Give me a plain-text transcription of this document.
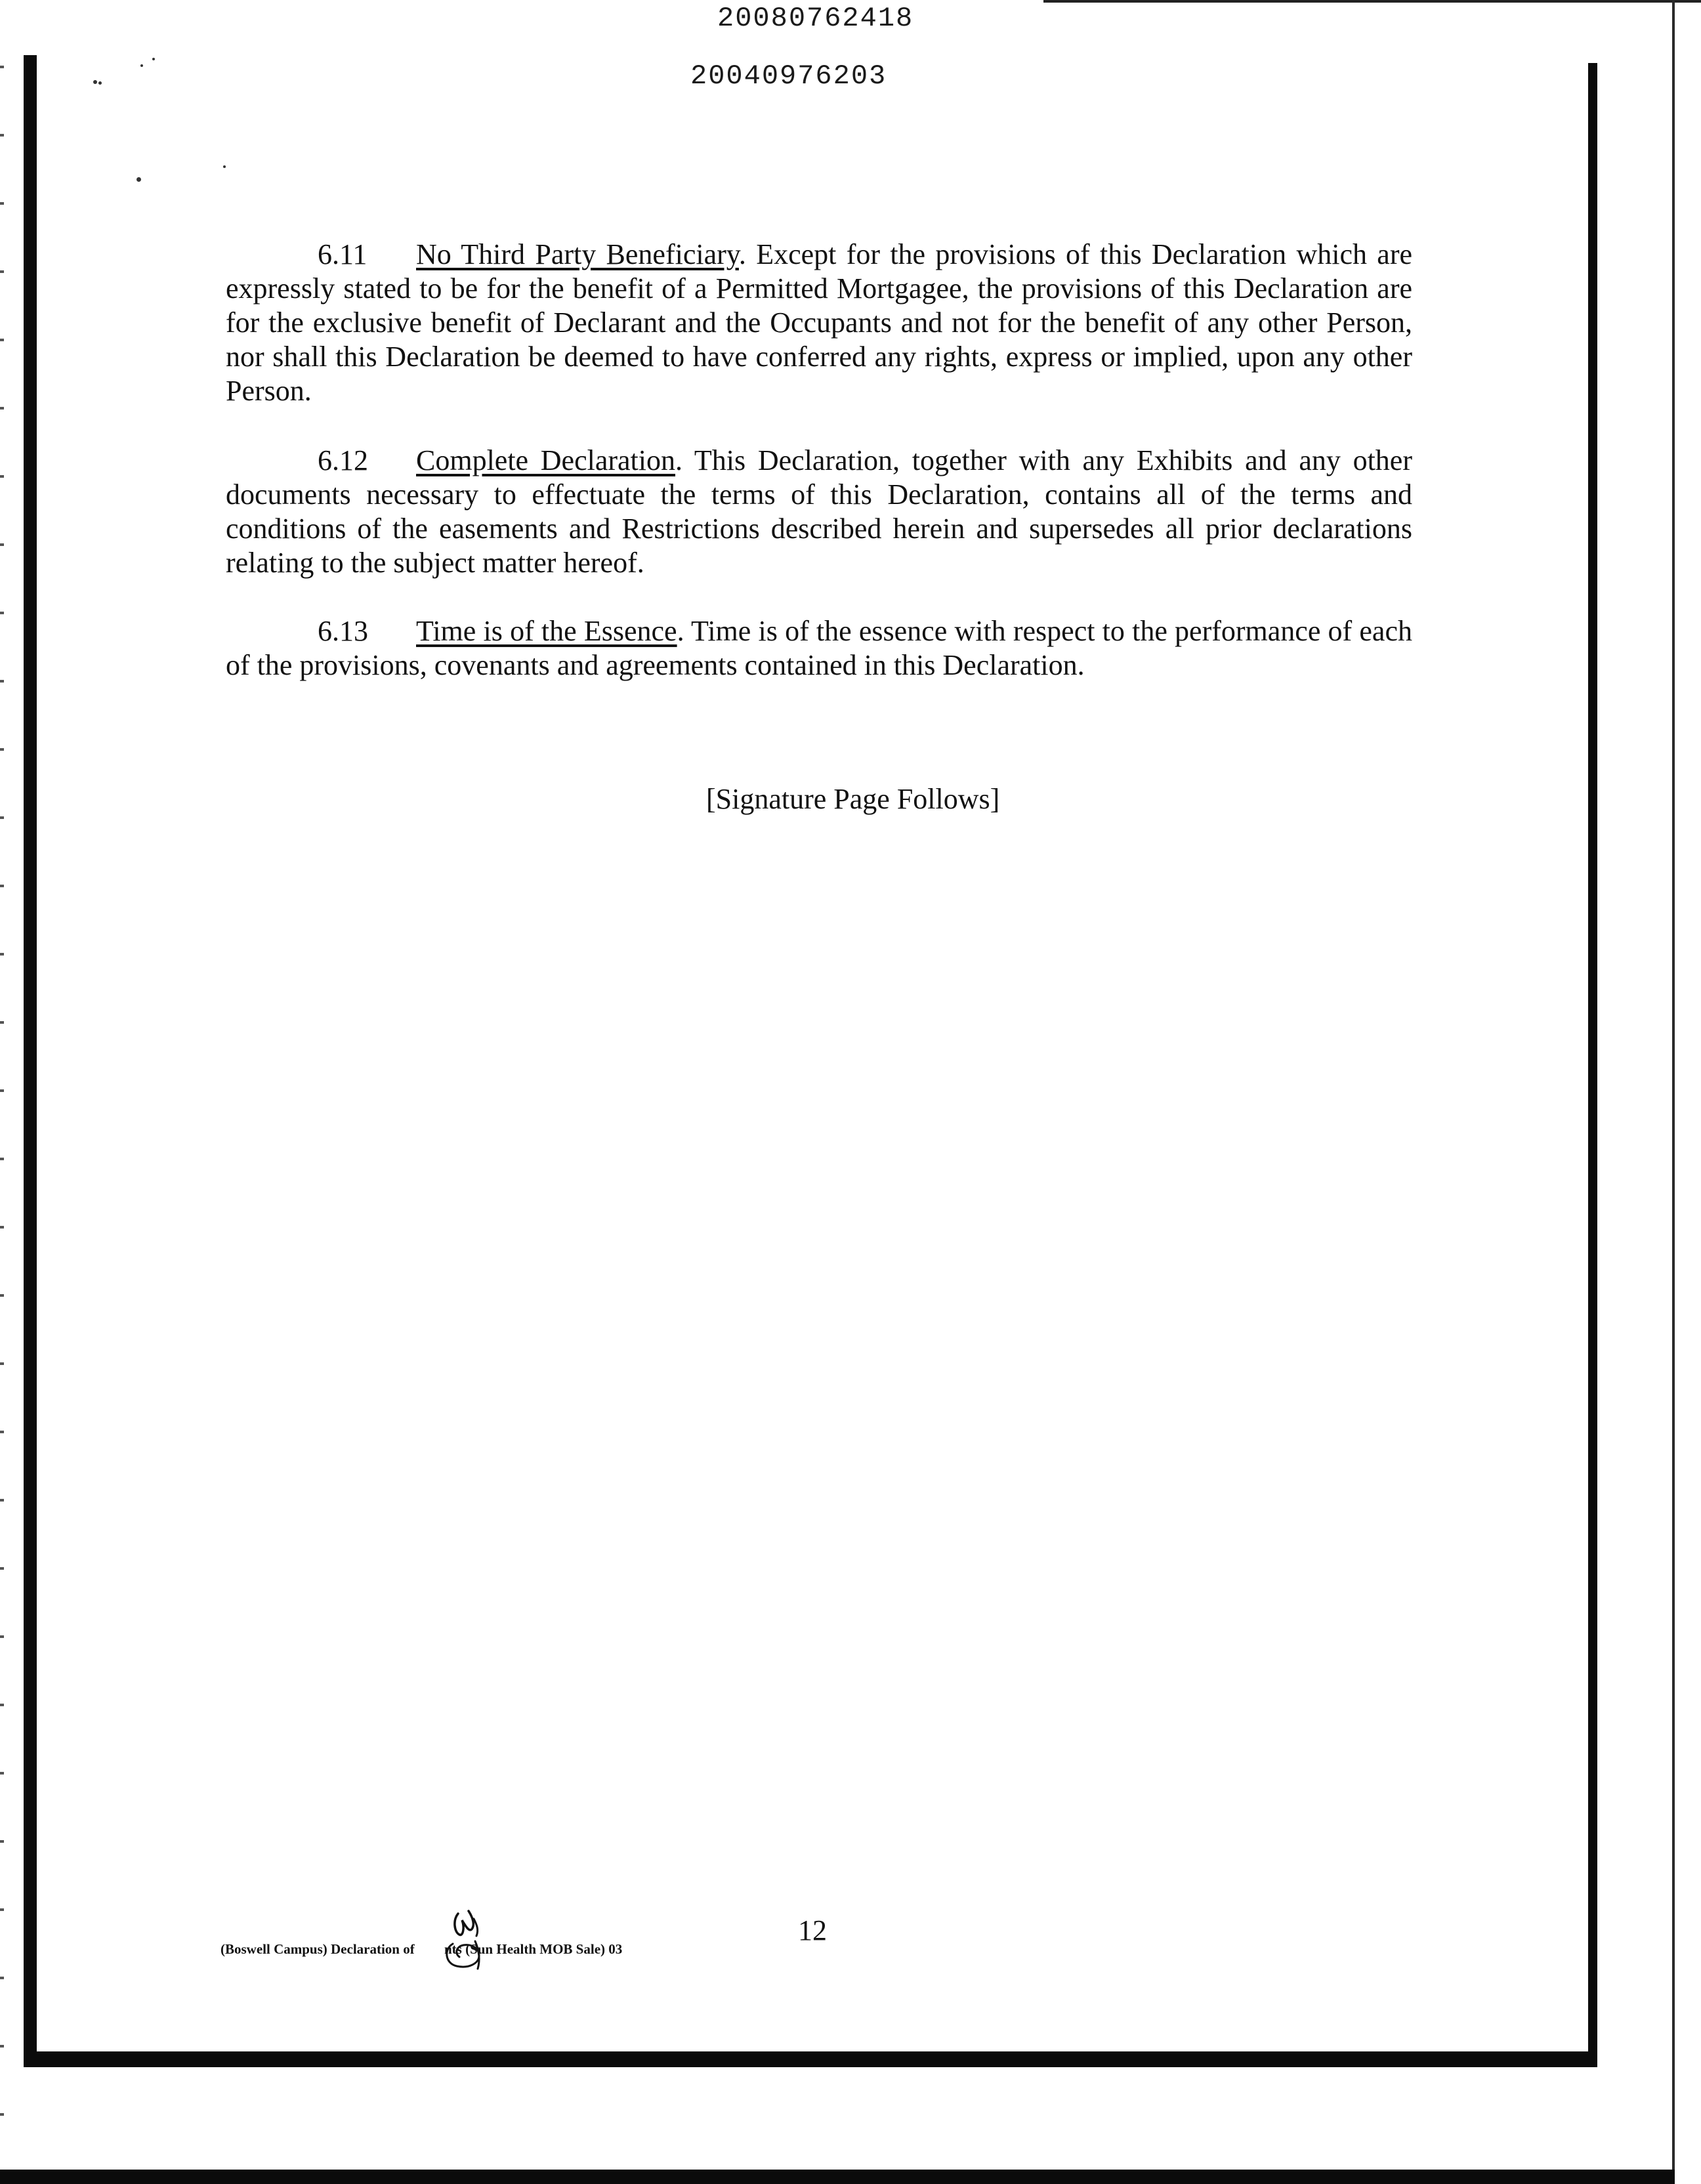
20080762418
20040976203
6.11 No Third Party Beneficiary. Except for the provisions of this Declaration which are expressly stated to be for the benefit of a Permitted Mortgagee, the provisions of this Declaration are for the exclusive benefit of Declarant and the Occupants and not for the benefit of any other Person, nor shall this Declaration be deemed to have conferred any rights, express or implied, upon any other Person.
6.12 Complete Declaration. This Declaration, together with any Exhibits and any other documents necessary to effectuate the terms of this Declaration, contains all of the terms and conditions of the easements and Restrictions described herein and supersedes all prior declarations relating to the subject matter hereof.
6.13 Time is of the Essence. Time is of the essence with respect to the performance of each of the provisions, covenants and agreements contained in this Declaration.
[Signature Page Follows]
12
(Boswell Campus) Declaration of nts (Sun Health MOB Sale) 03
